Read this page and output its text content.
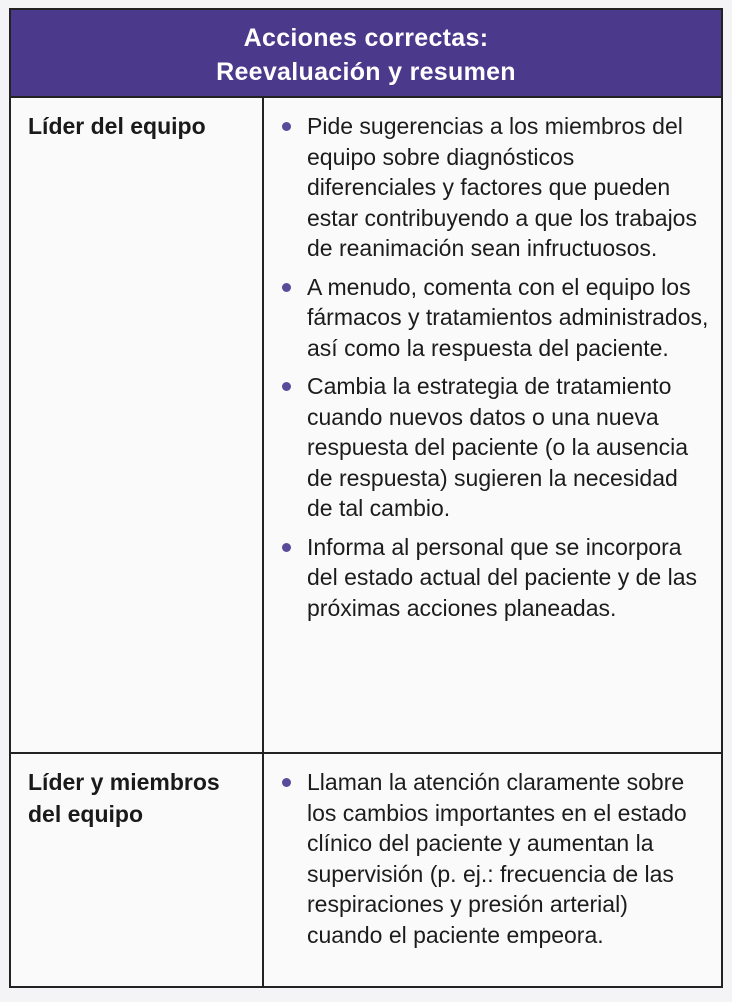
Acciones correctas:
Reevaluación y resumen
Líder del equipo	Pide sugerencias a los miembros del equipo sobre diagnósticos diferenciales y factores que pueden estar contribuyendo a que los trabajos de reanimación sean infructuosos.
A menudo, comenta con el equipo los fármacos y tratamientos administrados, así como la respuesta del paciente.
Cambia la estrategia de tratamiento cuando nuevos datos o una nueva respuesta del paciente (o la ausencia de respuesta) sugieren la necesidad de tal cambio.
Informa al personal que se incorpora del estado actual del paciente y de las próximas acciones planeadas.
Líder y miembros del equipo
Llaman la atención claramente sobre los cambios importantes en el estado clínico del paciente y aumentan la supervisión (p. ej.: frecuencia de las respiraciones y presión arterial) cuando el paciente empeora.
